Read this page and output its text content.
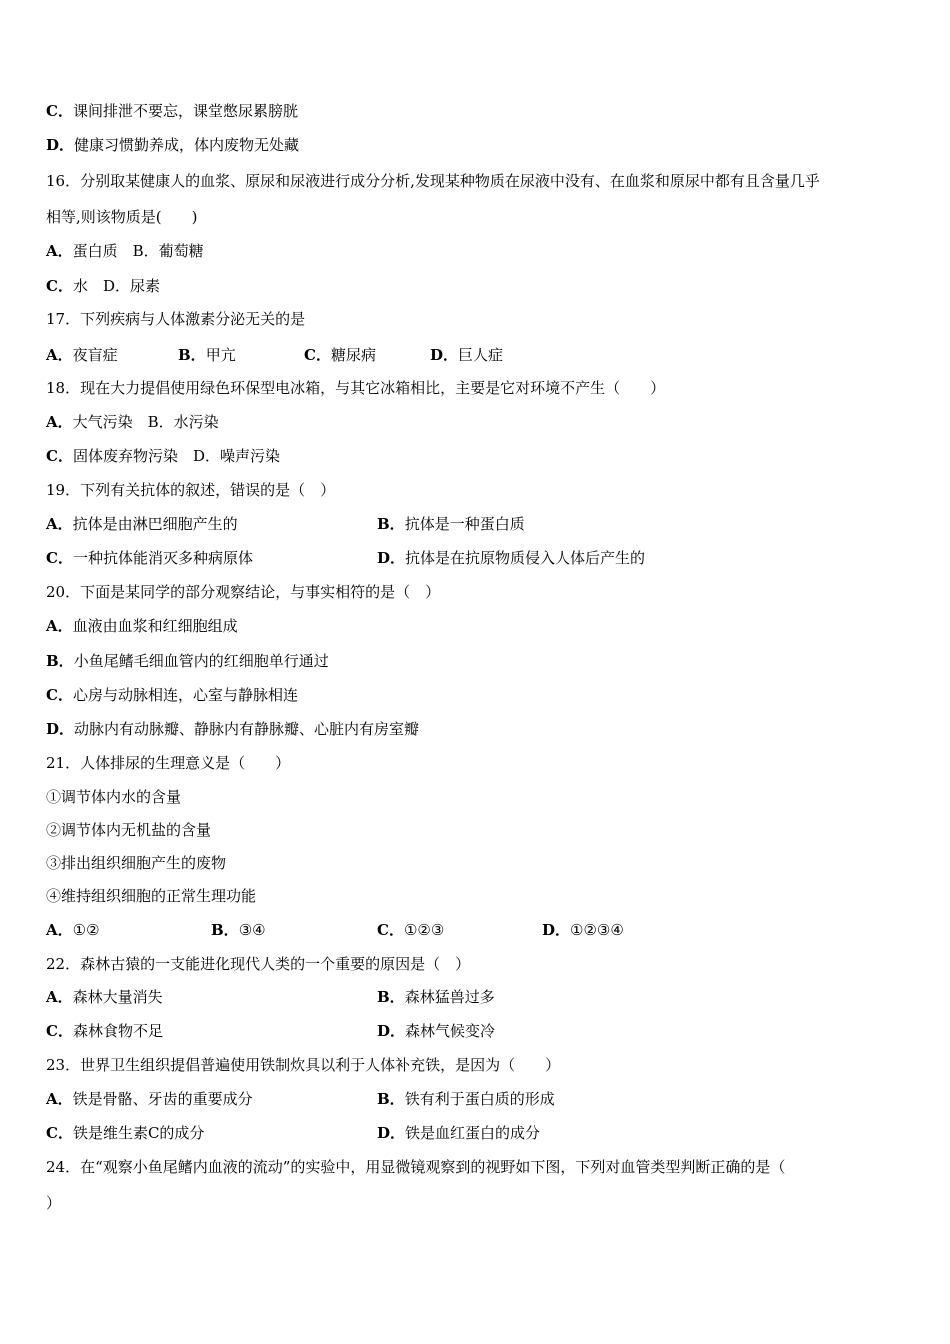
C．课间排泄不要忘，课堂憋尿累膀胱
D．健康习惯勤养成，体内废物无处藏
16．分别取某健康人的血浆、原尿和尿液进行成分分析,发现某种物质在尿液中没有、在血浆和原尿中都有且含量几乎
相等,则该物质是(　　)
A．蛋白质　B．葡萄糖
C．水　D．尿素
17．下列疾病与人体激素分泌无关的是
A．夜盲症	B．甲亢	C．糖尿病	D．巨人症
18．现在大力提倡使用绿色环保型电冰箱，与其它冰箱相比，主要是它对环境不产生（　　）
A．大气污染　B．水污染
C．固体废弃物污染　D．噪声污染
19．下列有关抗体的叙述，错误的是（　）
A．抗体是由淋巴细胞产生的	B．抗体是一种蛋白质
C．一种抗体能消灭多种病原体	D．抗体是在抗原物质侵入人体后产生的
20．下面是某同学的部分观察结论，与事实相符的是（　）
A．血液由血浆和红细胞组成
B．小鱼尾鳍毛细血管内的红细胞单行通过
C．心房与动脉相连，心室与静脉相连
D．动脉内有动脉瓣、静脉内有静脉瓣、心脏内有房室瓣
21．人体排尿的生理意义是（　　）
①调节体内水的含量
②调节体内无机盐的含量
③排出组织细胞产生的废物
④维持组织细胞的正常生理功能
A．①②	B．③④	C．①②③	D．①②③④
22．森林古猿的一支能进化现代人类的一个重要的原因是（　）
A．森林大量消失	B．森林猛兽过多
C．森林食物不足	D．森林气候变冷
23．世界卫生组织提倡普遍使用铁制炊具以利于人体补充铁，是因为（　　）
A．铁是骨骼、牙齿的重要成分	B．铁有利于蛋白质的形成
C．铁是维生素C的成分	D．铁是血红蛋白的成分
24．在“观察小鱼尾鳍内血液的流动”的实验中，用显微镜观察到的视野如下图，下列对血管类型判断正确的是（
）
